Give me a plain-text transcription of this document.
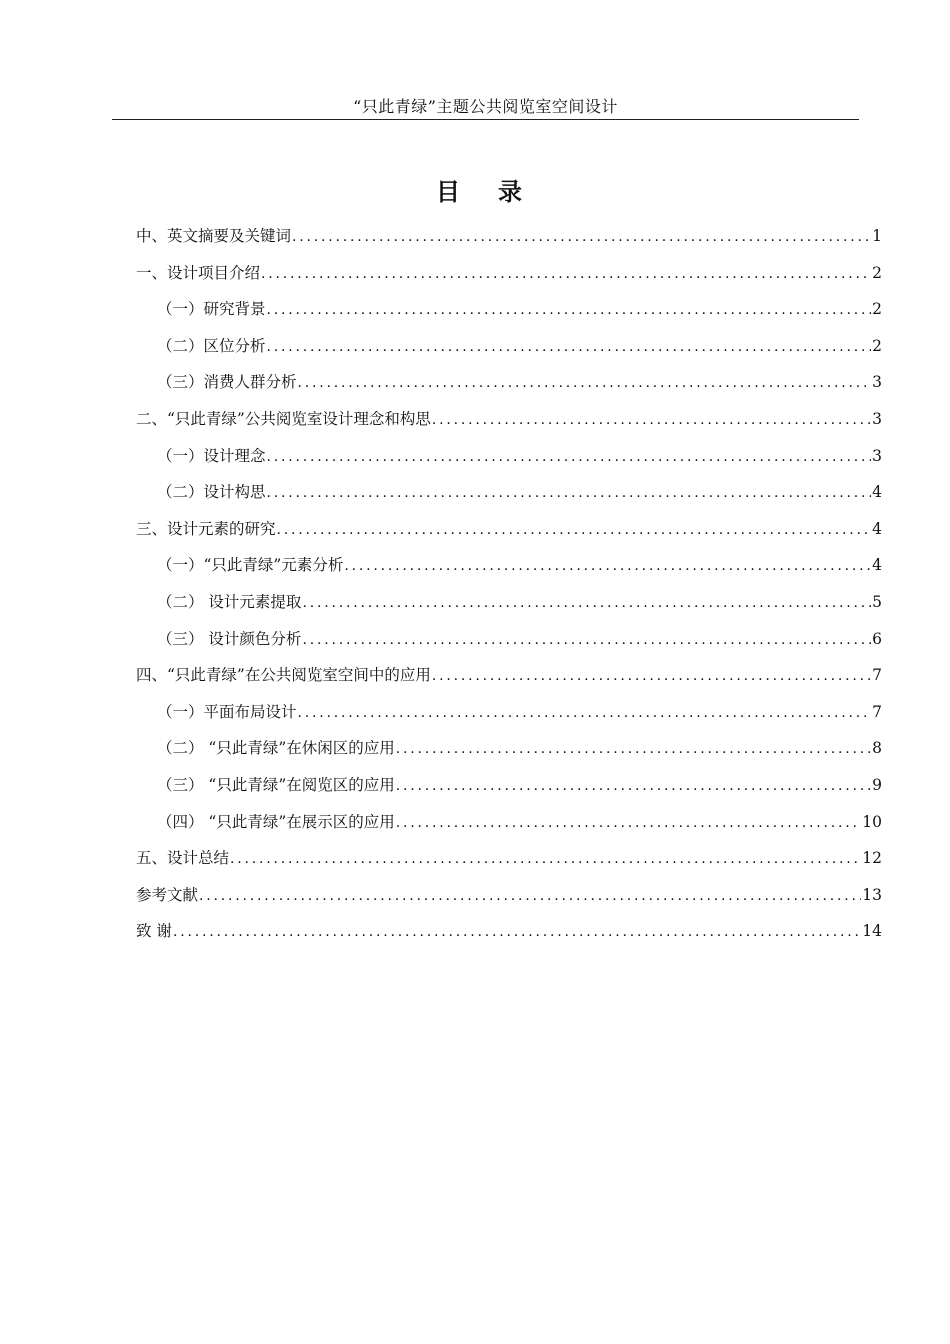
“只此青绿”主题公共阅览室空间设计
目录
中、英文摘要及关键词 .....	1
一、设计项目介绍 .....	2
（一）研究背景 .....	2
（二）区位分析 .....	2
（三）消费人群分析 .....	3
二、“只此青绿”公共阅览室设计理念和构思 .....	3
（一）设计理念 .....	3
（二）设计构思 .....	4
三、设计元素的研究 .....	4
（一）“只此青绿”元素分析 .....	4
（二） 设计元素提取 .....	5
（三） 设计颜色分析 .....	6
四、“只此青绿”在公共阅览室空间中的应用 .....	7
（一）平面布局设计 .....	7
（二） “只此青绿”在休闲区的应用 .....	8
（三） “只此青绿”在阅览区的应用 .....	9
（四） “只此青绿”在展示区的应用 .....	10
五、设计总结 .....	12
参考文献 .....	13
致 谢 .....	14
